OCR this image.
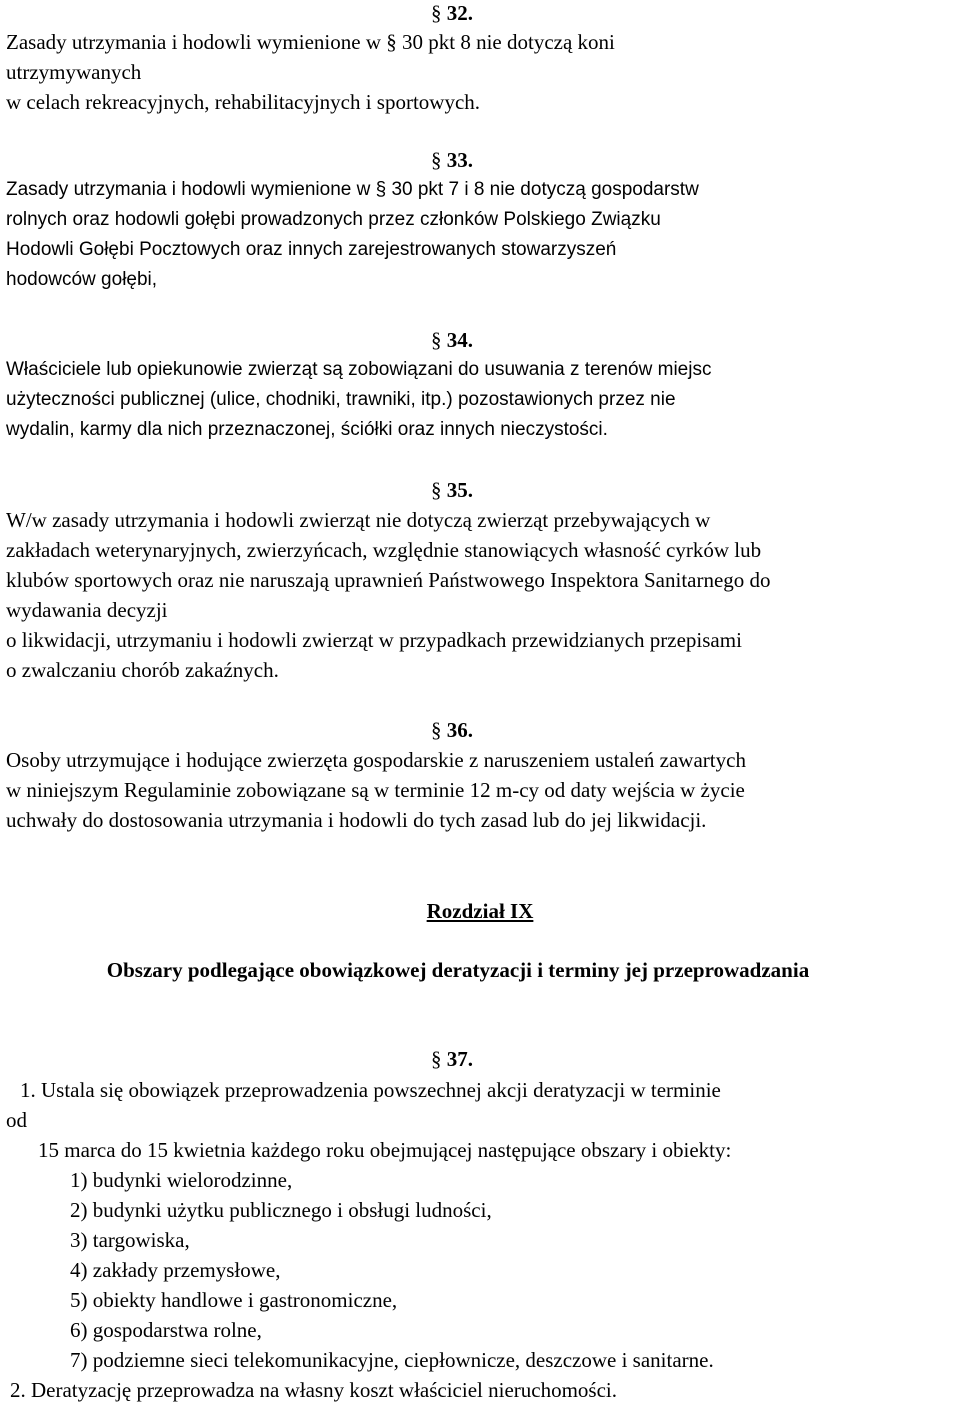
§ 32.
Zasady utrzymania i hodowli wymienione w § 30 pkt 8 nie dotyczą koni
utrzymywanych
w celach rekreacyjnych, rehabilitacyjnych i sportowych.
§ 33.
Zasady utrzymania i hodowli wymienione w § 30 pkt 7 i 8 nie dotyczą gospodarstw
rolnych oraz hodowli gołębi prowadzonych przez członków Polskiego Związku
Hodowli Gołębi Pocztowych oraz innych zarejestrowanych stowarzyszeń
hodowców gołębi,
§ 34.
Właściciele lub opiekunowie zwierząt są zobowiązani do usuwania z terenów miejsc
użyteczności publicznej (ulice, chodniki, trawniki, itp.) pozostawionych przez nie
wydalin, karmy dla nich przeznaczonej, ściółki oraz innych nieczystości.
§ 35.
W/w zasady utrzymania i hodowli zwierząt nie dotyczą zwierząt przebywających w
zakładach weterynaryjnych, zwierzyńcach, względnie stanowiących własność cyrków lub
klubów sportowych oraz nie naruszają uprawnień Państwowego Inspektora Sanitarnego do
wydawania decyzji
o likwidacji, utrzymaniu i hodowli zwierząt w przypadkach przewidzianych przepisami
o zwalczaniu chorób zakaźnych.
§ 36.
Osoby utrzymujące i hodujące zwierzęta gospodarskie z naruszeniem ustaleń zawartych
w niniejszym Regulaminie zobowiązane są w terminie 12 m-cy od daty wejścia w życie
uchwały do dostosowania utrzymania i hodowli do tych zasad lub do jej likwidacji.
Rozdział IX
Obszary podlegające obowiązkowej deratyzacji i terminy jej przeprowadzania
§ 37.
1. Ustala się obowiązek przeprowadzenia powszechnej akcji deratyzacji w terminie
od
15 marca do 15 kwietnia każdego roku obejmującej następujące obszary i obiekty:
1) budynki wielorodzinne,
2) budynki użytku publicznego i obsługi ludności,
3) targowiska,
4) zakłady przemysłowe,
5) obiekty handlowe i gastronomiczne,
6) gospodarstwa rolne,
7) podziemne sieci telekomunikacyjne, ciepłownicze, deszczowe i sanitarne.
2. Deratyzację przeprowadza na własny koszt właściciel nieruchomości.
